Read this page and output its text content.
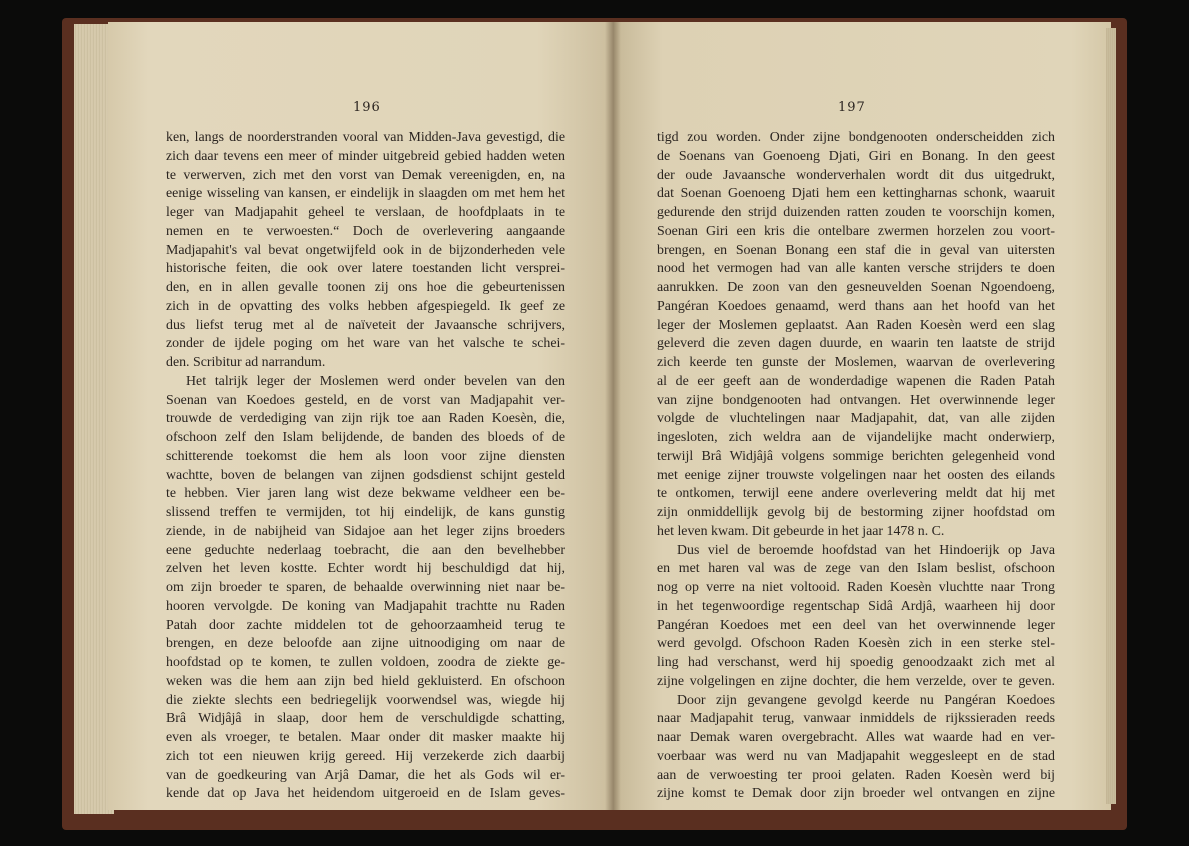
196
ken, langs de noorderstranden vooral van Midden-Java gevestigd, die
zich daar tevens een meer of minder uitgebreid gebied hadden weten
te verwerven, zich met den vorst van Demak vereenigden, en, na
eenige wisseling van kansen, er eindelijk in slaagden om met hem het
leger van Madjapahit geheel te verslaan, de hoofdplaats in te
nemen en te verwoesten.“ Doch de overlevering aangaande
Madjapahit's val bevat ongetwijfeld ook in de bijzonderheden vele
historische feiten, die ook over latere toestanden licht versprei-
den, en in allen gevalle toonen zij ons hoe die gebeurtenissen
zich in de opvatting des volks hebben afgespiegeld. Ik geef ze
dus liefst terug met al de naïveteit der Javaansche schrijvers,
zonder de ijdele poging om het ware van het valsche te schei-
den. Scribitur ad narrandum.
Het talrijk leger der Moslemen werd onder bevelen van den
Soenan van Koedoes gesteld, en de vorst van Madjapahit ver-
trouwde de verdediging van zijn rijk toe aan Raden Koesèn, die,
ofschoon zelf den Islam belijdende, de banden des bloeds of de
schitterende toekomst die hem als loon voor zijne diensten
wachtte, boven de belangen van zijnen godsdienst schijnt gesteld
te hebben. Vier jaren lang wist deze bekwame veldheer een be-
slissend treffen te vermijden, tot hij eindelijk, de kans gunstig
ziende, in de nabijheid van Sidajoe aan het leger zijns broeders
eene geduchte nederlaag toebracht, die aan den bevelhebber
zelven het leven kostte. Echter wordt hij beschuldigd dat hij,
om zijn broeder te sparen, de behaalde overwinning niet naar be-
hooren vervolgde. De koning van Madjapahit trachtte nu Raden
Patah door zachte middelen tot de gehoorzaamheid terug te
brengen, en deze beloofde aan zijne uitnoodiging om naar de
hoofdstad op te komen, te zullen voldoen, zoodra de ziekte ge-
weken was die hem aan zijn bed hield gekluisterd. En ofschoon
die ziekte slechts een bedriegelijk voorwendsel was, wiegde hij
Brâ Widjâjâ in slaap, door hem de verschuldigde schatting,
even als vroeger, te betalen. Maar onder dit masker maakte hij
zich tot een nieuwen krijg gereed. Hij verzekerde zich daarbij
van de goedkeuring van Arjâ Damar, die het als Gods wil er-
kende dat op Java het heidendom uitgeroeid en de Islam geves-
197
tigd zou worden. Onder zijne bondgenooten onderscheidden zich
de Soenans van Goenoeng Djati, Giri en Bonang. In den geest
der oude Javaansche wonderverhalen wordt dit dus uitgedrukt,
dat Soenan Goenoeng Djati hem een kettingharnas schonk, waaruit
gedurende den strijd duizenden ratten zouden te voorschijn komen,
Soenan Giri een kris die ontelbare zwermen horzelen zou voort-
brengen, en Soenan Bonang een staf die in geval van uitersten
nood het vermogen had van alle kanten versche strijders te doen
aanrukken. De zoon van den gesneuvelden Soenan Ngoendoeng,
Pangéran Koedoes genaamd, werd thans aan het hoofd van het
leger der Moslemen geplaatst. Aan Raden Koesèn werd een slag
geleverd die zeven dagen duurde, en waarin ten laatste de strijd
zich keerde ten gunste der Moslemen, waarvan de overlevering
al de eer geeft aan de wonderdadige wapenen die Raden Patah
van zijne bondgenooten had ontvangen. Het overwinnende leger
volgde de vluchtelingen naar Madjapahit, dat, van alle zijden
ingesloten, zich weldra aan de vijandelijke macht onderwierp,
terwijl Brâ Widjâjâ volgens sommige berichten gelegenheid vond
met eenige zijner trouwste volgelingen naar het oosten des eilands
te ontkomen, terwijl eene andere overlevering meldt dat hij met
zijn onmiddellijk gevolg bij de bestorming zijner hoofdstad om
het leven kwam. Dit gebeurde in het jaar 1478 n. C.
Dus viel de beroemde hoofdstad van het Hindoerijk op Java
en met haren val was de zege van den Islam beslist, ofschoon
nog op verre na niet voltooid. Raden Koesèn vluchtte naar Trong
in het tegenwoordige regentschap Sidâ Ardjâ, waarheen hij door
Pangéran Koedoes met een deel van het overwinnende leger
werd gevolgd. Ofschoon Raden Koesèn zich in een sterke stel-
ling had verschanst, werd hij spoedig genoodzaakt zich met al
zijne volgelingen en zijne dochter, die hem verzelde, over te geven.
Door zijn gevangene gevolgd keerde nu Pangéran Koedoes
naar Madjapahit terug, vanwaar inmiddels de rijkssieraden reeds
naar Demak waren overgebracht. Alles wat waarde had en ver-
voerbaar was werd nu van Madjapahit weggesleept en de stad
aan de verwoesting ter prooi gelaten. Raden Koesèn werd bij
zijne komst te Demak door zijn broeder wel ontvangen en zijne
